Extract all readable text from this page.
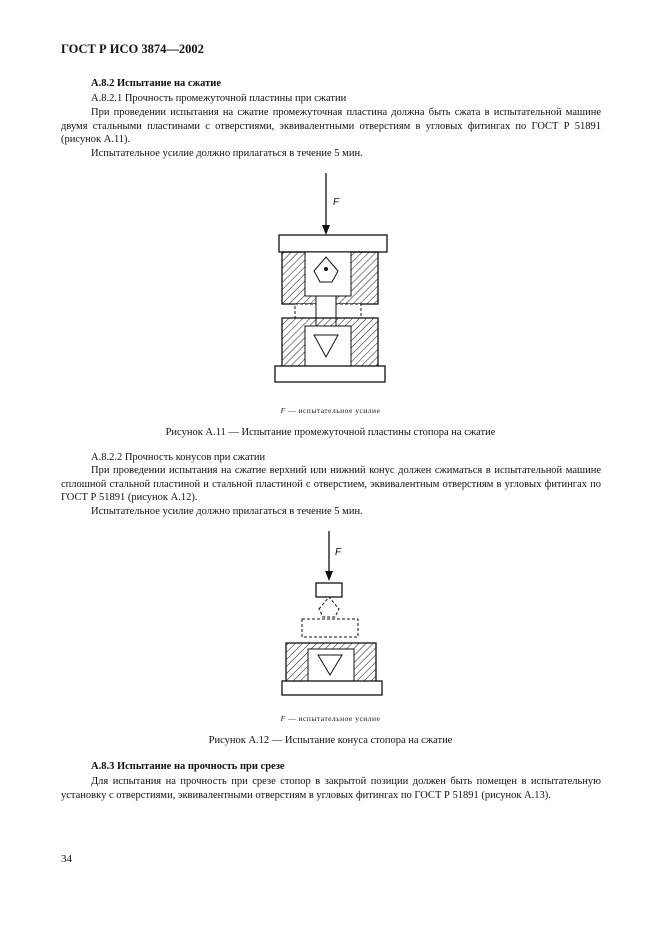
ГОСТ Р ИСО 3874—2002
А.8.2 Испытание на сжатие
А.8.2.1 Прочность промежуточной пластины при сжатии
При проведении испытания на сжатие промежуточная пластина должна быть сжата в испытательной машине двумя стальными пластинами с отверстиями, эквивалентными отверстиям в угловых фитингах по ГОСТ Р 51891 (рисунок А.11).
Испытательное усилие должно прилагаться в течение 5 мин.
F
F — испытательное усилие
Рисунок А.11 — Испытание промежуточной пластины стопора на сжатие
А.8.2.2 Прочность конусов при сжатии
При проведении испытания на сжатие верхний или нижний конус должен сжиматься в испытательной машине сплошной стальной пластиной и стальной пластиной с отверстием, эквивалентным отверстиям в угловых фитингах по ГОСТ Р 51891 (рисунок А.12).
Испытательное усилие должно прилагаться в течение 5 мин.
F
F — испытательное усилие
Рисунок А.12 — Испытание конуса стопора на сжатие
А.8.3 Испытание на прочность при срезе
Для испытания на прочность при срезе стопор в закрытой позиции должен быть помещен в испытательную установку с отверстиями, эквивалентными отверстиям в угловых фитингах по ГОСТ Р 51891 (рисунок А.13).
34
